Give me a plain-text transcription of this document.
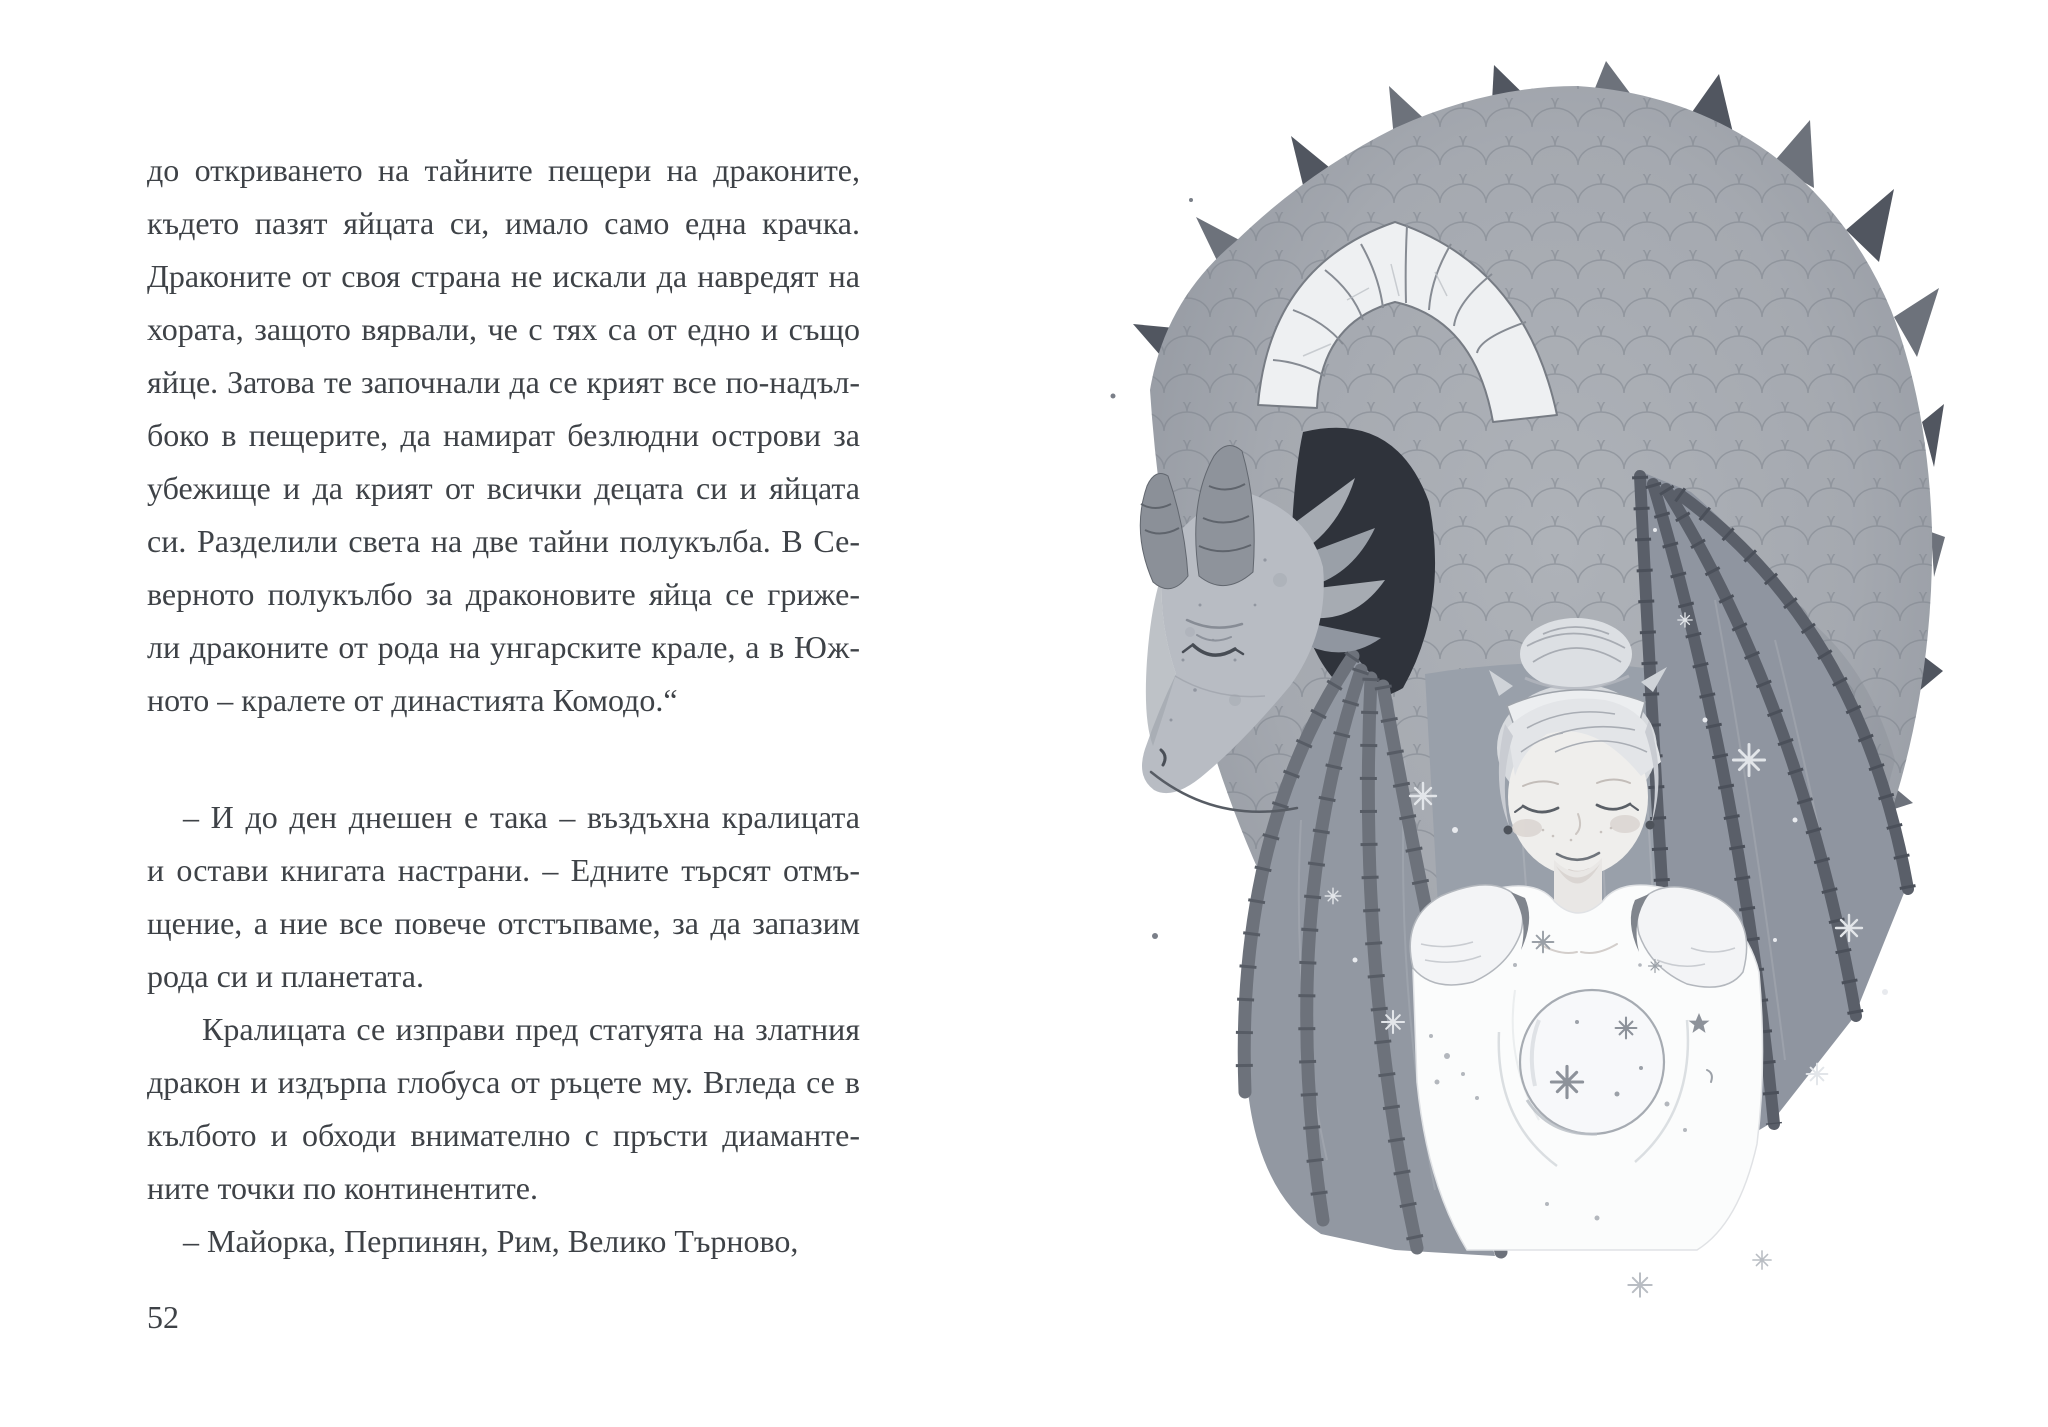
до откриването на тайните пещери на драконите,
където пазят яйцата си, имало само една крачка.
Драконите от своя страна не искали да навредят на
хората, защото вярвали, че с тях са от едно и също
яйце. Затова те започнали да се крият все по-надъл-
боко в пещерите, да намират безлюдни острови за
убежище и да крият от всички децата си и яйцата
си. Разделили света на две тайни полукълба. В Се-
верното полукълбо за драконовите яйца се гриже-
ли драконите от рода на унгарските крале, а в Юж-
ното – кралете от династията Комодо.“
– И до ден днешен е така – въздъхна кралицата
и остави книгата настрани. – Едните търсят отмъ-
щение, а ние все повече отстъпваме, за да запазим
рода си и планетата.
Кралицата се изправи пред статуята на златния
дракон и издърпа глобуса от ръцете му. Вгледа се в
кълбото и обходи внимателно с пръсти диаманте-
ните точки по континентите.
– Майорка, Перпинян, Рим, Велико Търново,
52
